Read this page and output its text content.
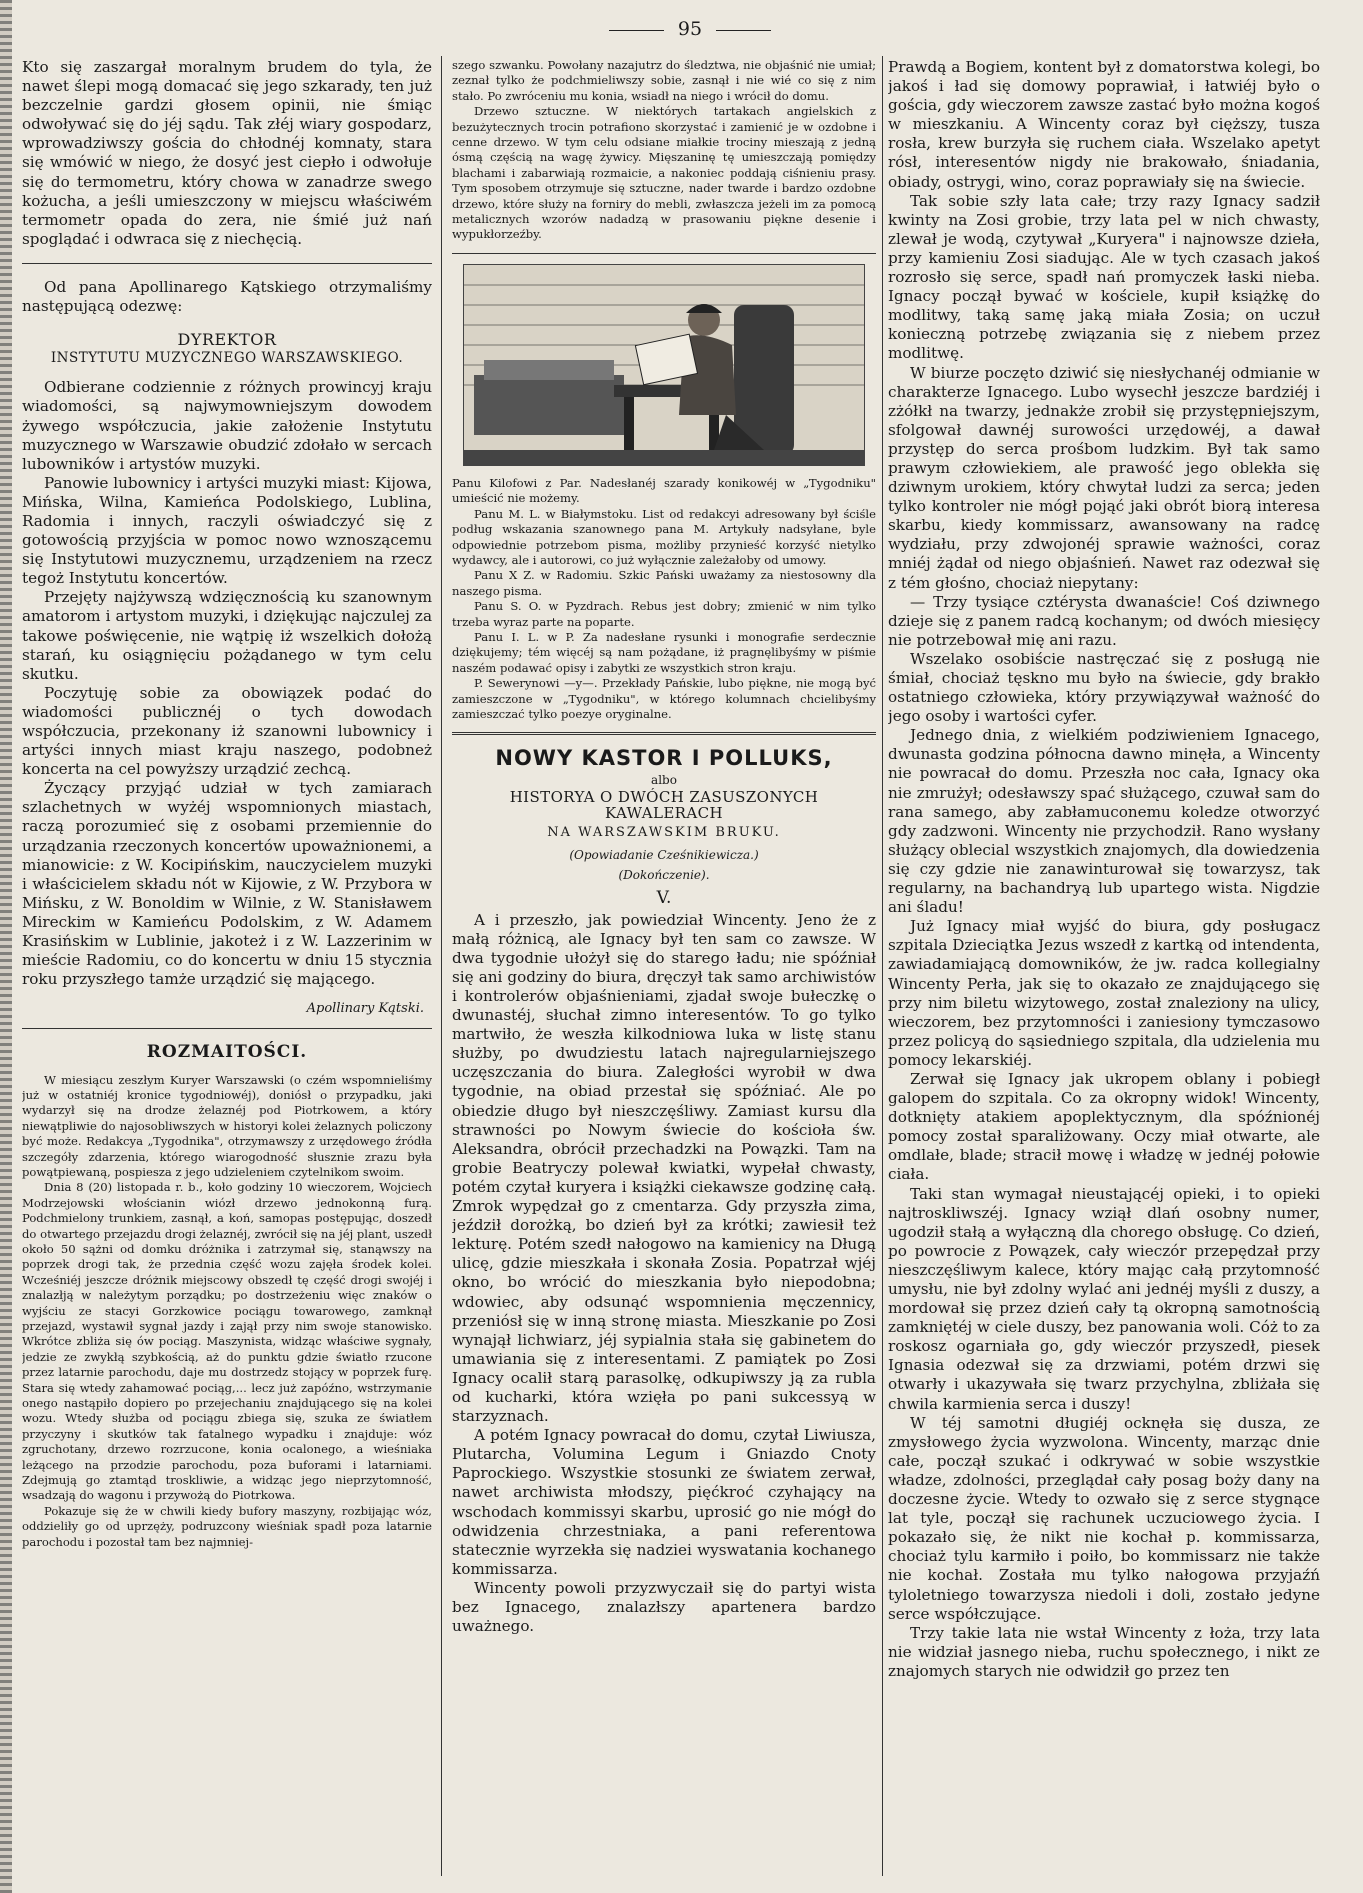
95

Kto się zaszargał moralnym brudem do tyla, że nawet ślepi mogą domacać się jego szkarady, ten już bezczelnie gardzi głosem opinii, nie śmiąc odwoływać się do jéj sądu. Tak złéj wiary gospodarz, wprowadziwszy gościa do chłodnéj komnaty, stara się wmówić w niego, że dosyć jest ciepło i odwołuje się do termometru, który chowa w zanadrze swego kożucha, a jeśli umieszczony w miejscu właściwém termometr opada do zera, nie śmié już nań spoglądać i odwraca się z niechęcią.

Od pana Apollinarego Kątskiego otrzymaliśmy następującą odezwę:

DYREKTOR
INSTYTUTU MUZYCZNEGO WARSZAWSKIEGO.

Odbierane codziennie z różnych prowincyj kraju wiadomości, są najwymowniejszym dowodem żywego współczucia, jakie założenie Instytutu muzycznego w Warszawie obudzić zdołało w sercach lubowników i artystów muzyki.

Panowie lubownicy i artyści muzyki miast: Kijowa, Mińska, Wilna, Kamieńca Podolskiego, Lublina, Radomia i innych, raczyli oświadczyć się z gotowością przyjścia w pomoc nowo wznoszącemu się Instytutowi muzycznemu, urządzeniem na rzecz tegoż Instytutu koncertów.

Przejęty najżywszą wdzięcznością ku szanownym amatorom i artystom muzyki, i dziękując najczulej za takowe poświęcenie, nie wątpię iż wszelkich dołożą starań, ku osiągnięciu pożądanego w tym celu skutku.

Poczytuję sobie za obowiązek podać do wiadomości publicznéj o tych dowodach współczucia, przekonany iż szanowni lubownicy i artyści innych miast kraju naszego, podobneż koncerta na cel powyższy urządzić zechcą.

Życzący przyjąć udział w tych zamiarach szlachetnych w wyżéj wspomnionych miastach, raczą porozumieć się z osobami przemiennie do urządzania rzeczonych koncertów upoważnionemi, a mianowicie: z W. Kocipińskim, nauczycielem muzyki i właścicielem składu nót w Kijowie, z W. Przybora w Mińsku, z W. Bonoldim w Wilnie, z W. Stanisławem Mireckim w Kamieńcu Podolskim, z W. Adamem Krasińskim w Lublinie, jakoteż i z W. Lazzerinim w mieście Radomiu, co do koncertu w dniu 15 stycznia roku przyszłego tamże urządzić się mającego.

Apollinary Kątski.
ROZMAITOŚCI.

W miesiącu zeszłym Kuryer Warszawski (o czém wspomnieliśmy już w ostatniéj kronice tygodniowéj), doniósł o przypadku, jaki wydarzył się na drodze żelaznéj pod Piotrkowem, a który niewątpliwie do najosobliwszych w historyi kolei żelaznych policzony być może. Redakcya „Tygodnika", otrzymawszy z urzędowego źródła szczegóły zdarzenia, którego wiarogodność słusznie zrazu była powątpiewaną, pospiesza z jego udzieleniem czytelnikom swoim.

Dnia 8 (20) listopada r. b., koło godziny 10 wieczorem, Wojciech Modrzejowski włościanin wiózł drzewo jednokonną furą. Podchmielony trunkiem, zasnął, a koń, samopas postępując, doszedł do otwartego przejazdu drogi żelaznéj, zwrócił się na jéj plant, uszedł około 50 sążni od domku dróżnika i zatrzymał się, stanąwszy na poprzek drogi tak, że przednia część wozu zajęła środek kolei. Wcześniéj jeszcze dróżnik miejscowy obszedł tę część drogi swojéj i znalazłją w należytym porządku; po dostrzeżeniu więc znaków o wyjściu ze stacyi Gorzkowice pociągu towarowego, zamknął przejazd, wystawił sygnał jazdy i zajął przy nim swoje stanowisko. Wkrótce zbliża się ów pociąg. Maszynista, widząc właściwe sygnały, jedzie ze zwykłą szybkością, aż do punktu gdzie światło rzucone przez latarnie parochodu, daje mu dostrzedz stojący w poprzek furę. Stara się wtedy zahamować pociąg,... lecz już zapóźno, wstrzymanie onego nastąpiło dopiero po przejechaniu znajdującego się na kolei wozu. Wtedy służba od pociągu zbiega się, szuka ze światłem przyczyny i skutków tak fatalnego wypadku i znajduje: wóz zgruchotany, drzewo rozrzucone, konia ocalonego, a wieśniaka leżącego na przodzie parochodu, poza buforami i latarniami. Zdejmują go ztamtąd troskliwie, a widząc jego nieprzytomność, wsadzają do wagonu i przywożą do Piotrkowa.

Pokazuje się że w chwili kiedy bufory maszyny, rozbijając wóz, oddzieliły go od uprzęży, podruzcony wieśniak spadł poza latarnie parochodu i pozostał tam bez najmniej-

szego szwanku. Powołany nazajutrz do śledztwa, nie objaśnić nie umiał; zeznał tylko że podchmieliwszy sobie, zasnął i nie wié co się z nim stało. Po zwróceniu mu konia, wsiadł na niego i wrócił do domu.

Drzewo sztuczne. W niektórych tartakach angielskich z bezużytecznych trocin potrafiono skorzystać i zamienić je w ozdobne i cenne drzewo. W tym celu odsiane miałkie trociny mieszają z jedną ósmą częścią na wagę żywicy. Mięszaninę tę umieszczają pomiędzy blachami i zabarwiają rozmaicie, a nakoniec poddają ciśnieniu prasy. Tym sposobem otrzymuje się sztuczne, nader twarde i bardzo ozdobne drzewo, które służy na forniry do mebli, zwłaszcza jeżeli im za pomocą metalicznych wzorów nadadzą w prasowaniu piękne desenie i wypukłorzeźby.

Panu Kilofowi z Par. Nadesłanéj szarady konikowéj w „Tygodniku" umieścić nie możemy.

Panu M. L. w Białymstoku. List od redakcyi adresowany był ściśle podług wskazania szanownego pana M. Artykuły nadsyłane, byle odpowiednie potrzebom pisma, możliby przynieść korzyść nietylko wydawcy, ale i autorowi, co już wyłącznie zależałoby od umowy.

Panu X Z. w Radomiu. Szkic Pański uważamy za niestosowny dla naszego pisma.

Panu S. O. w Pyzdrach. Rebus jest dobry; zmienić w nim tylko trzeba wyraz parte na poparte.

Panu I. L. w P. Za nadesłane rysunki i monografie serdecznie dziękujemy; tém więcéj są nam pożądane, iż pragnęlibyśmy w piśmie naszém podawać opisy i zabytki ze wszystkich stron kraju.

P. Sewerynowi —y—. Przekłady Pańskie, lubo piękne, nie mogą być zamieszczone w „Tygodniku", w którego kolumnach chcielibyśmy zamieszczać tylko poezye oryginalne.

NOWY KASTOR I POLLUKS,
albo
HISTORYA O DWÓCH ZASUSZONYCH KAWALERACH
NA WARSZAWSKIM BRUKU.
(Opowiadanie Cześnikiewicza.)
(Dokończenie).
V.

A i przeszło, jak powiedział Wincenty. Jeno że z małą różnicą, ale Ignacy był ten sam co zawsze. W dwa tygodnie ułożył się do starego ładu; nie spóźniał się ani godziny do biura, dręczył tak samo archiwistów i kontrolerów objaśnieniami, zjadał swoje bułeczkę o dwunastéj, słuchał zimno interesentów. To go tylko martwiło, że weszła kilkodniowa luka w listę stanu służby, po dwudziestu latach najregularniejszego uczęszczania do biura. Zaległości wyrobił w dwa tygodnie, na obiad przestał się spóźniać. Ale po obiedzie długo był nieszczęśliwy. Zamiast kursu dla strawności po Nowym świecie do kościoła św. Aleksandra, obrócił przechadzki na Powązki. Tam na grobie Beatryczy polewał kwiatki, wypełał chwasty, potém czytał kuryera i książki ciekawsze godzinę całą. Zmrok wypędzał go z cmentarza. Gdy przyszła zima, jeździł dorożką, bo dzień był za krótki; zawiesił też lekturę. Potém szedł nałogowo na kamienicy na Długą ulicę, gdzie mieszkała i skonała Zosia. Popatrzał wjéj okno, bo wrócić do mieszkania było niepodobna; wdowiec, aby odsunąć wspomnienia męczennicy, przeniósł się w inną stronę miasta. Mieszkanie po Zosi wynajął lichwiarz, jéj sypialnia stała się gabinetem do umawiania się z interesentami. Z pamiątek po Zosi Ignacy ocalił starą parasolkę, odkupiwszy ją za rubla od kucharki, która wzięła po pani sukcessyą w starzyznach.

A potém Ignacy powracał do domu, czytał Liwiusza, Plutarcha, Volumina Legum i Gniazdo Cnoty Paprockiego. Wszystkie stosunki ze światem zerwał, nawet archiwista młodszy, pięćkroć czyhający na wschodach kommissyi skarbu, uprosić go nie mógł do odwidzenia chrzestniaka, a pani referentowa statecznie wyrzekła się nadziei wyswatania kochanego kommissarza.

Wincenty powoli przyzwyczaił się do partyi wista bez Ignacego, znalazłszy apartenera bardzo uważnego.

Prawdą a Bogiem, kontent był z domatorstwa kolegi, bo jakoś i ład się domowy poprawiał, i łatwiéj było o gościa, gdy wieczorem zawsze zastać było można kogoś w mieszkaniu. A Wincenty coraz był cięższy, tusza rosła, krew burzyła się ruchem ciała. Wszelako apetyt rósł, interesentów nigdy nie brakowało, śniadania, obiady, ostrygi, wino, coraz poprawiały się na świecie.

Tak sobie szły lata całe; trzy razy Ignacy sadził kwinty na Zosi grobie, trzy lata pel w nich chwasty, zlewał je wodą, czytywał „Kuryera" i najnowsze dzieła, przy kamieniu Zosi siadując. Ale w tych czasach jakoś rozrosło się serce, spadł nań promyczek łaski nieba. Ignacy począł bywać w kościele, kupił książkę do modlitwy, taką samę jaką miała Zosia; on uczuł konieczną potrzebę związania się z niebem przez modlitwę.

W biurze poczęto dziwić się niesłychanéj odmianie w charakterze Ignacego. Lubo wysechł jeszcze bardziéj i zżółkł na twarzy, jednakże zrobił się przystępniejszym, sfolgował dawnéj surowości urzędowéj, a dawał przystęp do serca prośbom ludzkim. Był tak samo prawym człowiekiem, ale prawość jego oblekła się dziwnym urokiem, który chwytał ludzi za serca; jeden tylko kontroler nie mógł pojąć jaki obrót biorą interesa skarbu, kiedy kommissarz, awansowany na radcę wydziału, przy zdwojonéj sprawie ważności, coraz mniéj żądał od niego objaśnień. Nawet raz odezwał się z tém głośno, chociaż niepytany:

— Trzy tysiące cztérysta dwanaście! Coś dziwnego dzieje się z panem radcą kochanym; od dwóch miesięcy nie potrzebował mię ani razu.

Wszelako osobiście nastręczać się z posługą nie śmiał, chociaż tęskno mu było na świecie, gdy brakło ostatniego człowieka, który przywiązywał ważność do jego osoby i wartości cyfer.

Jednego dnia, z wielkiém podziwieniem Ignacego, dwunasta godzina północna dawno minęła, a Wincenty nie powracał do domu. Przeszła noc cała, Ignacy oka nie zmrużył; odesławszy spać służącego, czuwał sam do rana samego, aby zabłamuconemu koledze otworzyć gdy zadzwoni. Wincenty nie przychodził. Rano wysłany służący oblecial wszystkich znajomych, dla dowiedzenia się czy gdzie nie zanawinturował się towarzysz, tak regularny, na bachandryą lub upartego wista. Nigdzie ani śladu!

Już Ignacy miał wyjść do biura, gdy posługacz szpitala Dzieciątka Jezus wszedł z kartką od intendenta, zawiadamiającą domowników, że jw. radca kollegialny Wincenty Perła, jak się to okazało ze znajdującego się przy nim biletu wizytowego, został znaleziony na ulicy, wieczorem, bez przytomności i zaniesiony tymczasowo przez policyą do sąsiedniego szpitala, dla udzielenia mu pomocy lekarskiéj.

Zerwał się Ignacy jak ukropem oblany i pobiegł galopem do szpitala. Co za okropny widok! Wincenty, dotknięty atakiem apoplektycznym, dla spóźnionéj pomocy został sparaliżowany. Oczy miał otwarte, ale omdlałe, blade; stracił mowę i władzę w jednéj połowie ciała.

Taki stan wymagał nieustającéj opieki, i to opieki najtroskliwszéj. Ignacy wziął dlań osobny numer, ugodził stałą a wyłączną dla chorego obsługę. Co dzień, po powrocie z Powązek, cały wieczór przepędzał przy nieszczęśliwym kalece, który mając całą przytomność umysłu, nie był zdolny wylać ani jednéj myśli z duszy, a mordował się przez dzień cały tą okropną samotnością zamkniętéj w ciele duszy, bez panowania woli. Cóż to za roskosz ogarniała go, gdy wieczór przyszedł, piesek Ignasia odezwał się za drzwiami, potém drzwi się otwarły i ukazywała się twarz przychylna, zbliżała się chwila karmienia serca i duszy!

W téj samotni długiéj ocknęła się dusza, ze zmysłowego życia wyzwolona. Wincenty, marząc dnie całe, począł szukać i odkrywać w sobie wszystkie władze, zdolności, przeglądał cały posag boży dany na doczesne życie. Wtedy to ozwało się z serce stygnące lat tyle, począł się rachunek uczuciowego życia. I pokazało się, że nikt nie kochał p. kommissarza, chociaż tylu karmiło i poiło, bo kommissarz nie także nie kochał. Została mu tylko nałogowa przyjaźń tyloletniego towarzysza niedoli i doli, zostało jedyne serce współczujące.

Trzy takie lata nie wstał Wincenty z łoża, trzy lata nie widział jasnego nieba, ruchu społecznego, i nikt ze znajomych starych nie odwidził go przez ten
